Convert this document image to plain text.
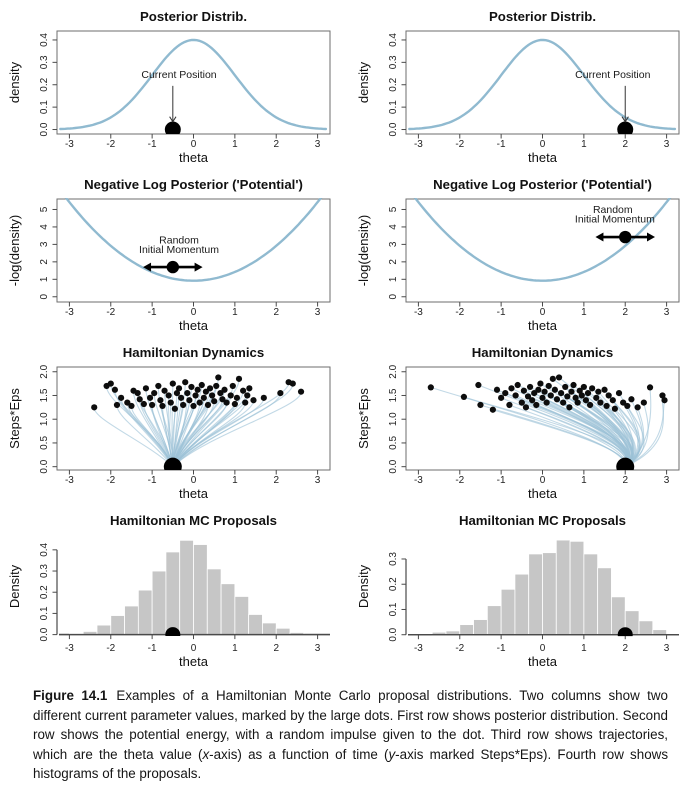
-3	-2	-1	0	1	2	3
0.0
0.1
0.2
0.3
0.4
Posterior Distrib.
theta
density	Current Position
-3	-2	-1	0	1	2	3
0.0
0.1
0.2
0.3
0.4
Posterior Distrib.
theta
density	Current Position
-3	-2	-1	0	1	2	3
0
1
2
3
4
5
Negative Log Posterior ('Potential')
theta
-log(density)	Random
Initial Momentum
-3	-2	-1	0	1	2	3
0
1
2
3
4
5
Negative Log Posterior ('Potential')
theta
-log(density)
Random
Initial Momentum
-3	-2	-1	0	1	2	3
0.0
0.5
1.0
1.5
2.0
Hamiltonian Dynamics
theta
Steps*Eps
-3	-2	-1	0	1	2	3
0.0
0.5
1.0
1.5
2.0
Hamiltonian Dynamics
theta
Steps*Eps
-3	-2	-1	0	1	2	3
0.0
0.1
0.2
0.3
0.4
Hamiltonian MC Proposals
theta
Density
-3	-2	-1	0	1	2	3
0.0
0.1
0.2
0.3
Hamiltonian MC Proposals
theta
Density

Figure 14.1 Examples of a Hamiltonian Monte Carlo proposal distributions. Two columns show two different current parameter values, marked by the large dots. First row shows posterior distribution. Second row shows the potential energy, with a random impulse given to the dot. Third row shows trajectories, which are the theta value (x-axis) as a function of time (y-axis marked Steps*Eps). Fourth row shows histograms of the proposals.
